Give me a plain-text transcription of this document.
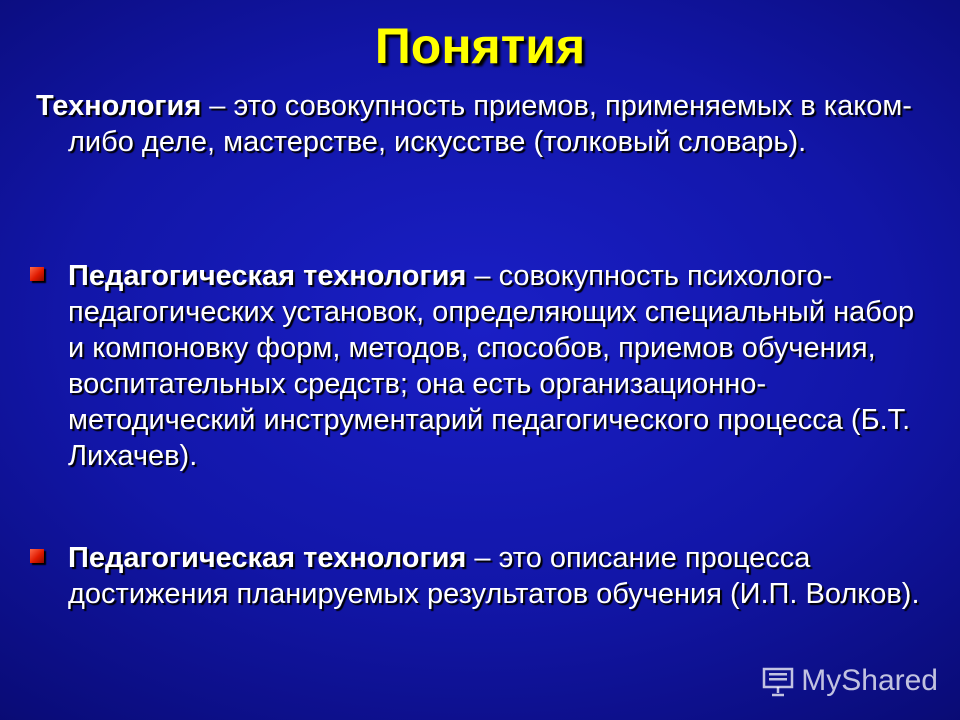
Понятия
Технология – это совокупность приемов, применяемых в каком-либо деле, мастерстве, искусстве (толковый словарь).
Педагогическая технология – совокупность психолого-педагогических установок, определяющих специальный набор и компоновку форм, методов, способов, приемов обучения, воспитательных средств; она есть организационно-методический инструментарий педагогического процесса (Б.Т. Лихачев).
Педагогическая технология – это описание процесса достижения планируемых результатов обучения (И.П. Волков).
MyShared
